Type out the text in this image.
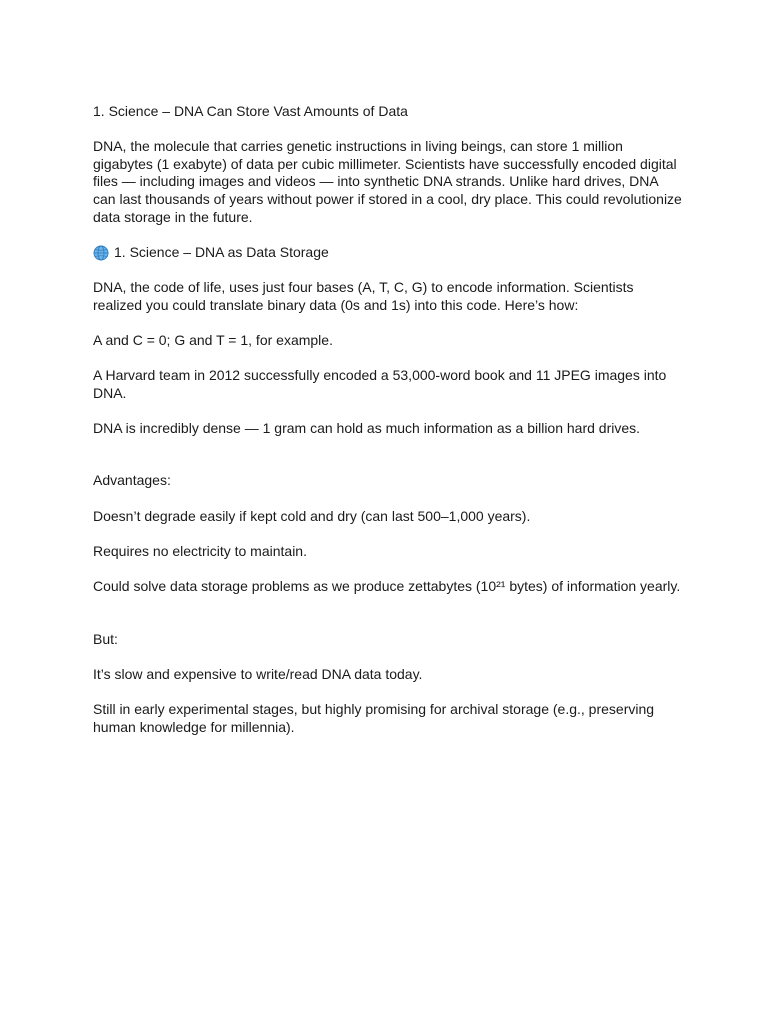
1. Science – DNA Can Store Vast Amounts of Data

DNA, the molecule that carries genetic instructions in living beings, can store 1 million gigabytes (1 exabyte) of data per cubic millimeter. Scientists have successfully encoded digital files — including images and videos — into synthetic DNA strands. Unlike hard drives, DNA can last thousands of years without power if stored in a cool, dry place. This could revolutionize data storage in the future.

1. Science – DNA as Data Storage

DNA, the code of life, uses just four bases (A, T, C, G) to encode information. Scientists realized you could translate binary data (0s and 1s) into this code. Here’s how:

A and C = 0; G and T = 1, for example.

A Harvard team in 2012 successfully encoded a 53,000-word book and 11 JPEG images into DNA.

DNA is incredibly dense — 1 gram can hold as much information as a billion hard drives.

Advantages:

Doesn’t degrade easily if kept cold and dry (can last 500–1,000 years).

Requires no electricity to maintain.

Could solve data storage problems as we produce zettabytes (10²¹ bytes) of information yearly.

But:

It’s slow and expensive to write/read DNA data today.

Still in early experimental stages, but highly promising for archival storage (e.g., preserving human knowledge for millennia).
